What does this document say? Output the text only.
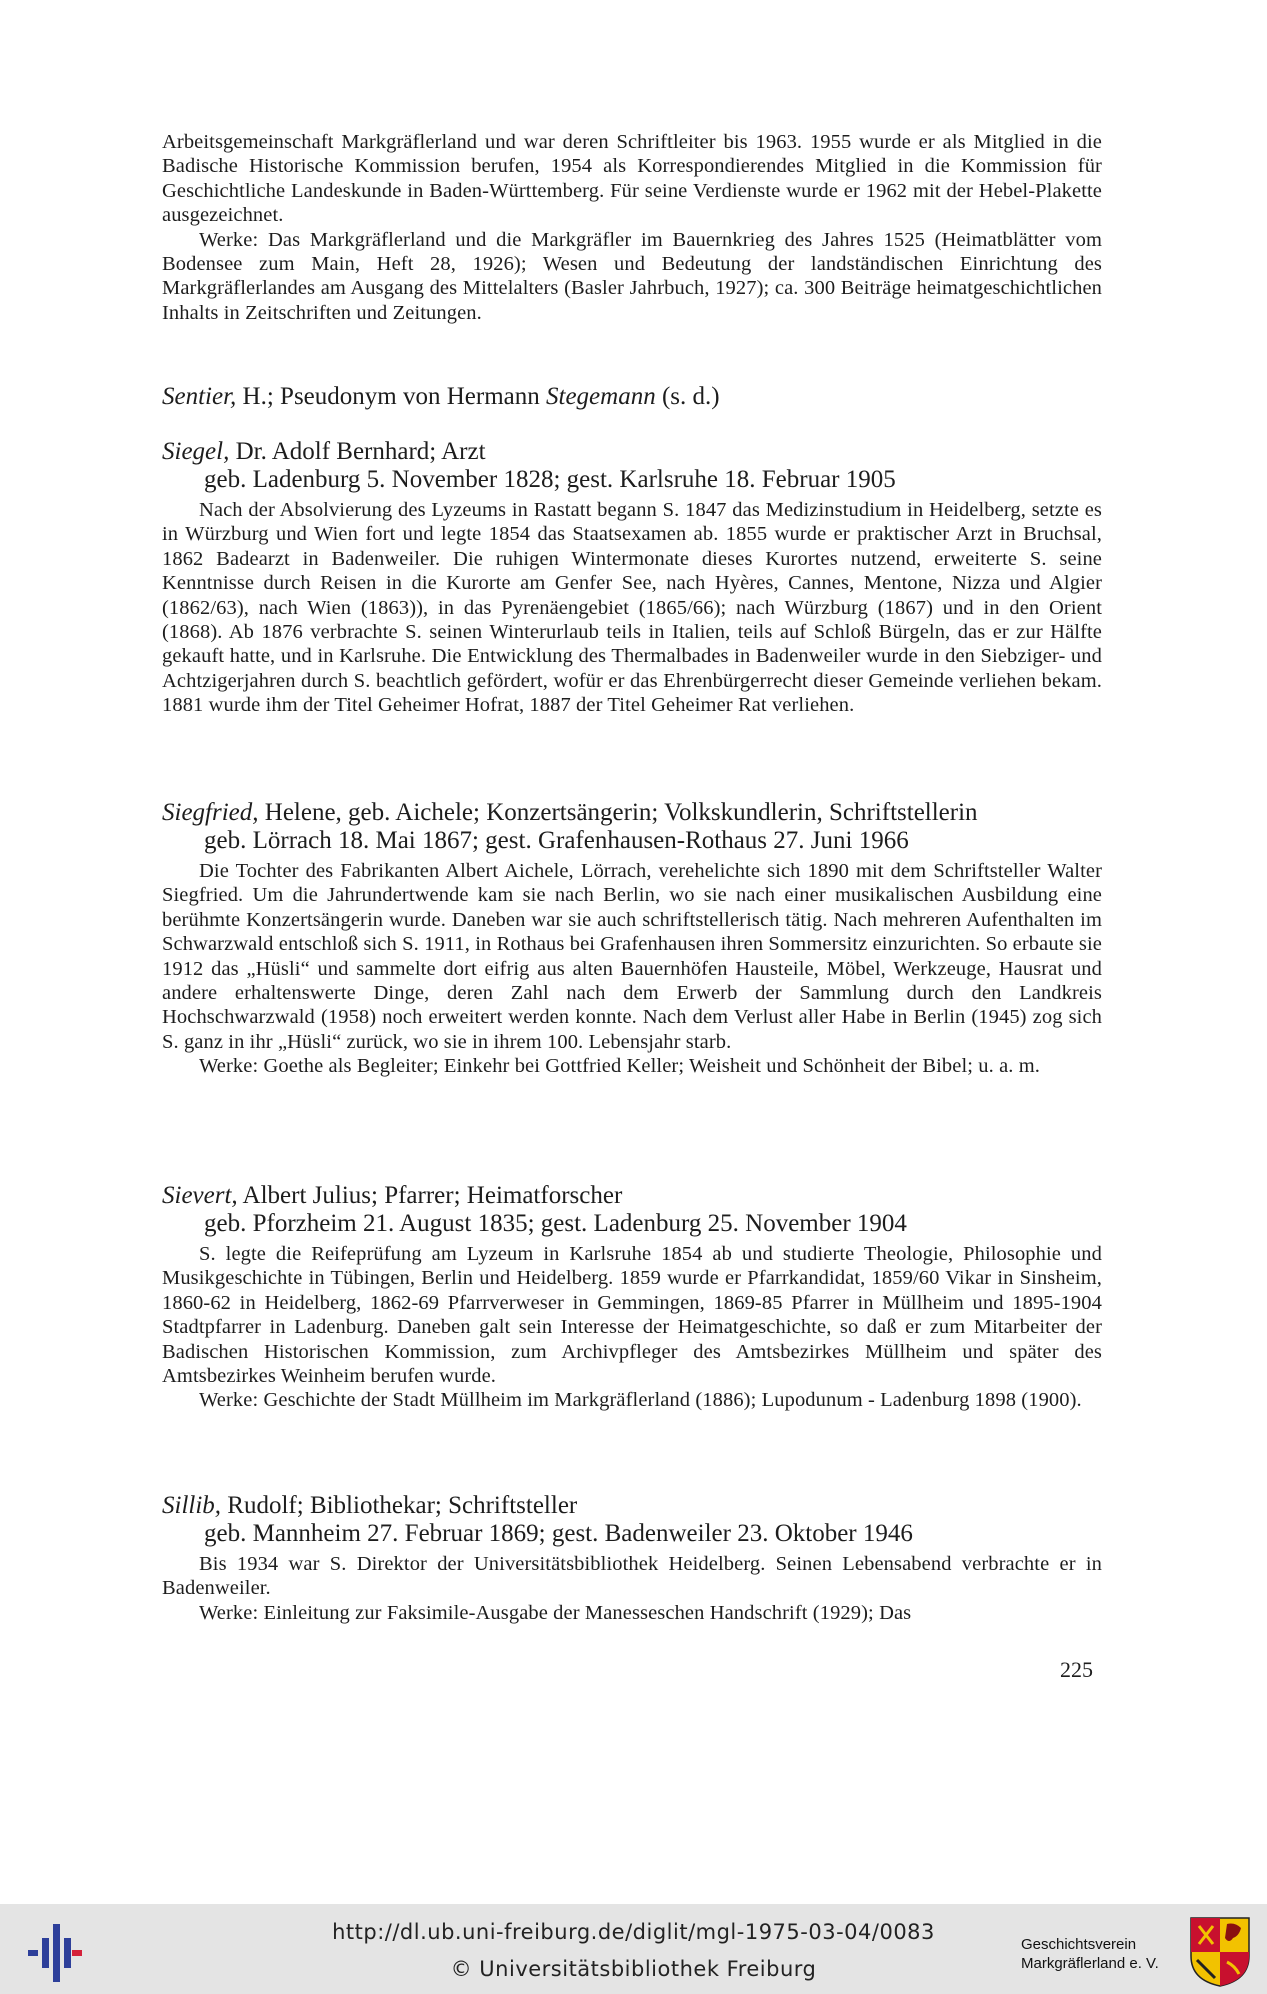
Arbeitsgemeinschaft Markgräflerland und war deren Schriftleiter bis 1963. 1955 wurde er als Mitglied in die Badische Historische Kommission berufen, 1954 als Korrespondierendes Mitglied in die Kommission für Geschichtliche Landeskunde in Baden-Württemberg. Für seine Verdienste wurde er 1962 mit der Hebel-Plakette ausgezeichnet.

Werke: Das Markgräflerland und die Markgräfler im Bauernkrieg des Jahres 1525 (Heimatblätter vom Bodensee zum Main, Heft 28, 1926); Wesen und Bedeutung der landständischen Einrichtung des Markgräflerlandes am Ausgang des Mittelalters (Basler Jahrbuch, 1927); ca. 300 Beiträge heimatgeschichtlichen Inhalts in Zeitschriften und Zeitungen.

Sentier, H.; Pseudonym von Hermann Stegemann (s. d.)

Siegel, Dr. Adolf Bernhard; Arzt

geb. Ladenburg 5. November 1828; gest. Karlsruhe 18. Februar 1905

Nach der Absolvierung des Lyzeums in Rastatt begann S. 1847 das Medizinstudium in Heidelberg, setzte es in Würzburg und Wien fort und legte 1854 das Staatsexamen ab. 1855 wurde er praktischer Arzt in Bruchsal, 1862 Badearzt in Badenweiler. Die ruhigen Wintermonate dieses Kurortes nutzend, erweiterte S. seine Kenntnisse durch Reisen in die Kurorte am Genfer See, nach Hyères, Cannes, Mentone, Nizza und Algier (1862/63), nach Wien (1863)), in das Pyrenäengebiet (1865/66); nach Würzburg (1867) und in den Orient (1868). Ab 1876 verbrachte S. seinen Winterurlaub teils in Italien, teils auf Schloß Bürgeln, das er zur Hälfte gekauft hatte, und in Karlsruhe. Die Entwicklung des Thermalbades in Badenweiler wurde in den Siebziger- und Achtzigerjahren durch S. beachtlich gefördert, wofür er das Ehrenbürgerrecht dieser Gemeinde verliehen bekam. 1881 wurde ihm der Titel Geheimer Hofrat, 1887 der Titel Geheimer Rat verliehen.

Siegfried, Helene, geb. Aichele; Konzertsängerin; Volkskundlerin, Schriftstellerin

geb. Lörrach 18. Mai 1867; gest. Grafenhausen-Rothaus 27. Juni 1966

Die Tochter des Fabrikanten Albert Aichele, Lörrach, verehelichte sich 1890 mit dem Schriftsteller Walter Siegfried. Um die Jahrundertwende kam sie nach Berlin, wo sie nach einer musikalischen Ausbildung eine berühmte Konzertsängerin wurde. Daneben war sie auch schriftstellerisch tätig. Nach mehreren Aufenthalten im Schwarzwald entschloß sich S. 1911, in Rothaus bei Grafenhausen ihren Sommersitz einzurichten. So erbaute sie 1912 das „Hüsli“ und sammelte dort eifrig aus alten Bauernhöfen Hausteile, Möbel, Werkzeuge, Hausrat und andere erhaltenswerte Dinge, deren Zahl nach dem Erwerb der Sammlung durch den Landkreis Hochschwarzwald (1958) noch erweitert werden konnte. Nach dem Verlust aller Habe in Berlin (1945) zog sich S. ganz in ihr „Hüsli“ zurück, wo sie in ihrem 100. Lebensjahr starb.

Werke: Goethe als Begleiter; Einkehr bei Gottfried Keller; Weisheit und Schönheit der Bibel; u. a. m.

Sievert, Albert Julius; Pfarrer; Heimatforscher

geb. Pforzheim 21. August 1835; gest. Ladenburg 25. November 1904

S. legte die Reifeprüfung am Lyzeum in Karlsruhe 1854 ab und studierte Theologie, Philosophie und Musikgeschichte in Tübingen, Berlin und Heidelberg. 1859 wurde er Pfarrkandidat, 1859/60 Vikar in Sinsheim, 1860-62 in Heidelberg, 1862-69 Pfarrverweser in Gemmingen, 1869-85 Pfarrer in Müllheim und 1895-1904 Stadtpfarrer in Ladenburg. Daneben galt sein Interesse der Heimatgeschichte, so daß er zum Mitarbeiter der Badischen Historischen Kommission, zum Archivpfleger des Amtsbezirkes Müllheim und später des Amtsbezirkes Weinheim berufen wurde.

Werke: Geschichte der Stadt Müllheim im Markgräflerland (1886); Lupodunum - Ladenburg 1898 (1900).

Sillib, Rudolf; Bibliothekar; Schriftsteller

geb. Mannheim 27. Februar 1869; gest. Badenweiler 23. Oktober 1946

Bis 1934 war S. Direktor der Universitätsbibliothek Heidelberg. Seinen Lebensabend verbrachte er in Badenweiler.

Werke: Einleitung zur Faksimile-Ausgabe der Manesseschen Handschrift (1929); Das

225
http://dl.ub.uni-freiburg.de/diglit/mgl-1975-03-04/0083
© Universitätsbibliothek Freiburg
Geschichtsverein
Markgräflerland e. V.
